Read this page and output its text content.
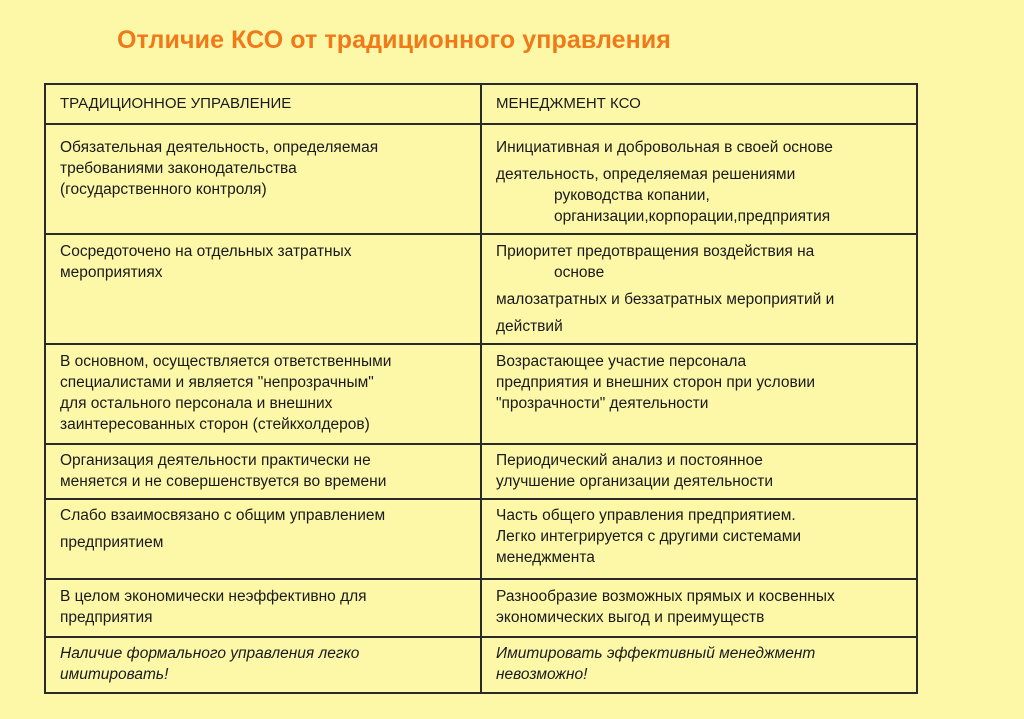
Отличие КСО от традиционного управления
ТРАДИЦИОННОЕ УПРАВЛЕНИЕ	МЕНЕДЖМЕНТ КСО

Обязательная деятельность, определяемая
требованиями законодательства
(государственного контроля)	Инициативная и добровольная в своей основе
деятельность, определяемая решениями
руководства копании,
организации,корпорации,предприятия

Сосредоточено на отдельных затратных
мероприятиях	Приоритет предотвращения воздействия на
основе
малозатратных и беззатратных мероприятий и
действий

В основном, осуществляется ответственными
специалистами и является "непрозрачным"
для остального персонала и внешних
заинтересованных сторон (стейкхолдеров)	Возрастающее участие персонала
предприятия и внешних сторон при условии
"прозрачности" деятельности

Организация деятельности практически не
меняется и не совершенствуется во времени	Периодический анализ и постоянное
улучшение организации деятельности

Слабо взаимосвязано с общим управлением
предприятием	Часть общего управления предприятием.
Легко интегрируется с другими системами
менеджмента

В целом экономически неэффективно для
предприятия	Разнообразие возможных прямых и косвенных
экономических выгод и преимуществ

Наличие формального управления легко
имитировать!	Имитировать эффективный менеджмент
невозможно!
